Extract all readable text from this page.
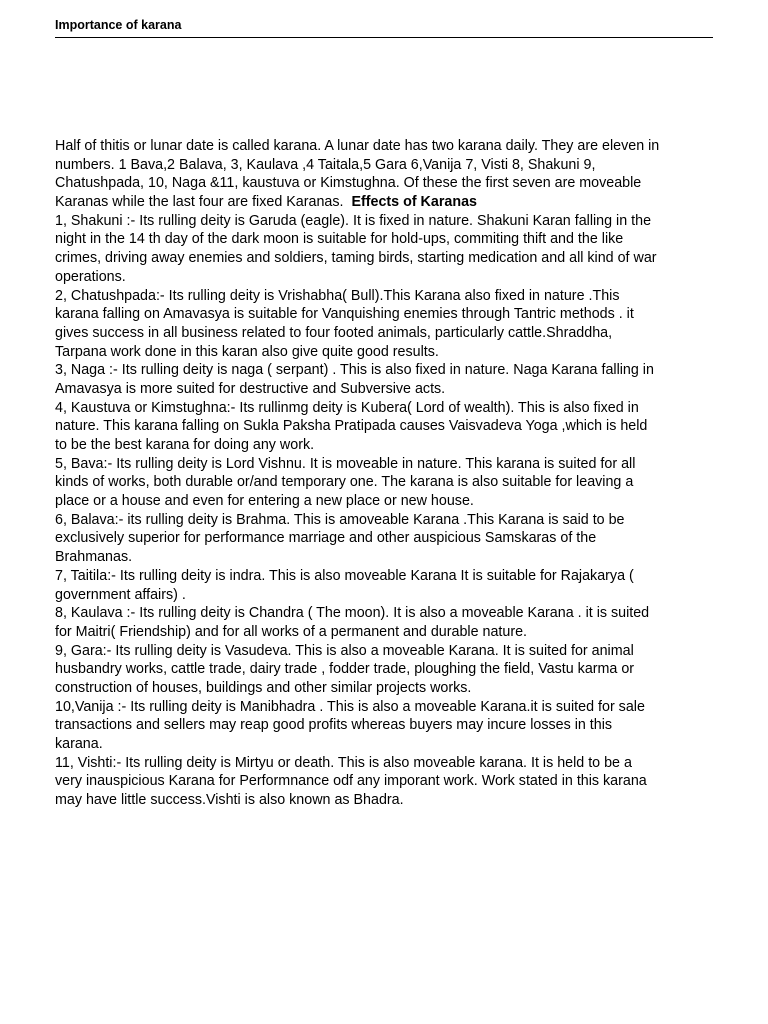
Importance of karana
Half of thitis or lunar date is called karana. A lunar date has two karana daily. They are eleven in
numbers. 1 Bava,2 Balava, 3, Kaulava ,4 Taitala,5 Gara 6,Vanija 7, Visti 8, Shakuni 9,
Chatushpada, 10, Naga &11, kaustuva or Kimstughna. Of these the first seven are moveable
Karanas while the last four are fixed Karanas.  Effects of Karanas
1, Shakuni :- Its rulling deity is Garuda (eagle). It is fixed in nature. Shakuni Karan falling in the
night in the 14 th day of the dark moon is suitable for hold-ups, commiting thift and the like
crimes, driving away enemies and soldiers, taming birds, starting medication and all kind of war
operations.
2, Chatushpada:- Its rulling deity is Vrishabha( Bull).This Karana also fixed in nature .This
karana falling on Amavasya is suitable for Vanquishing enemies through Tantric methods . it
gives success in all business related to four footed animals, particularly cattle.Shraddha,
Tarpana work done in this karan also give quite good results.
3, Naga :- Its rulling deity is naga ( serpant) . This is also fixed in nature. Naga Karana falling in
Amavasya is more suited for destructive and Subversive acts.
4, Kaustuva or Kimstughna:- Its rullinmg deity is Kubera( Lord of wealth). This is also fixed in
nature. This karana falling on Sukla Paksha Pratipada causes Vaisvadeva Yoga ,which is held
to be the best karana for doing any work.
5, Bava:- Its rulling deity is Lord Vishnu. It is moveable in nature. This karana is suited for all
kinds of works, both durable or/and temporary one. The karana is also suitable for leaving a
place or a house and even for entering a new place or new house.
6, Balava:- its rulling deity is Brahma. This is amoveable Karana .This Karana is said to be
exclusively superior for performance marriage and other auspicious Samskaras of the
Brahmanas.
7, Taitila:- Its rulling deity is indra. This is also moveable Karana It is suitable for Rajakarya (
government affairs) .
8, Kaulava :- Its rulling deity is Chandra ( The moon). It is also a moveable Karana . it is suited
for Maitri( Friendship) and for all works of a permanent and durable nature.
9, Gara:- Its rulling deity is Vasudeva. This is also a moveable Karana. It is suited for animal
husbandry works, cattle trade, dairy trade , fodder trade, ploughing the field, Vastu karma or
construction of houses, buildings and other similar projects works.
10,Vanija :- Its rulling deity is Manibhadra . This is also a moveable Karana.it is suited for sale
transactions and sellers may reap good profits whereas buyers may incure losses in this
karana.
11, Vishti:- Its rulling deity is Mirtyu or death. This is also moveable karana. It is held to be a
very inauspicious Karana for Performnance odf any imporant work. Work stated in this karana
may have little success.Vishti is also known as Bhadra.
